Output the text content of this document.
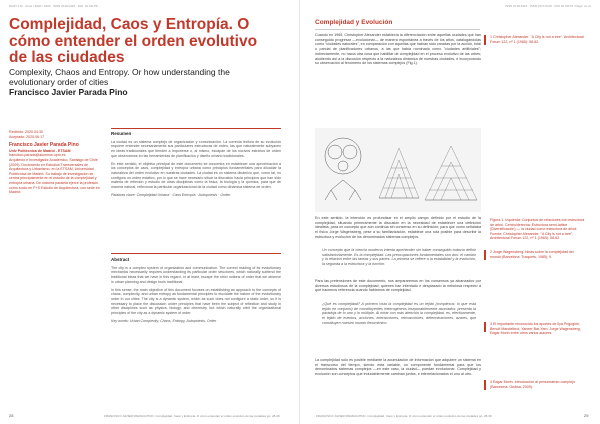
DAST 172 · Anos / 2020 / 2020 · ISSN 0719-0115 · DOI: 10.31179/...
Complejidad, Caos y Entropía. O cómo entender el orden evolutivo de las ciudades
Complexity, Chaos and Entropy. Or how understanding the evolutionary order of cities
Francisco Javier Parada Pino
Recibido: 2020.04.30
Aceptado: 2020.06.17
Francisco Javier Parada Pino
Univ Politécnica de Madrid - ETSAM
francisco.parada@alumnos.upm.es
Arquitecto e Investigador Académico, Santiago de Chile (2009). Doctorando en Estudios Transversales de Arquitectura y Urbanismo, en la ETSAM, Universidad Politécnica de Madrid. Su trabajo de investigación se centra principalmente en el estudio de la complejidad y entropía urbana. De manera paralela ejerce la profesión como socio en P+S Estudio de Arquitectura, con sede en Madrid.
Resumen

La ciudad es un sistema complejo de organización y comunicación. La correcta lectura de su evolución requiere entender necesariamente sus particulares estructuras de orden, las que naturalmente subyacen en ideas tradicionales que tienden a imponerse o, al mismo, escapan de los nocivos estrictos de orden que observamos en las herramientas de planificación y diseño urbano tradicionales.

En este sentido, el objetivo principal de este documento se concentra en establecer una aproximación a los conceptos de caos, complejidad y entropía urbana como principios fundamentales para dilucidar la naturaleza del orden evolutivo en nuestras ciudades. La ciudad es un sistema dinámico que, como tal, no configura un orden estático, por lo que se hace necesario situar la discusión hacia principios que han sido materia de reflexión y estudio de otras disciplinas como la física, la biología y la química, para que de manera natural, reflexiona la particular organizacional de la ciudad como dinámica sistema de orden.

Palabras clave: Complejidad Urbana · Caos Entropía · Autopoiesis · Orden

Abstract

The city is a complex system of organization and communication. The correct reading of its evolutionary mechanics necessarily requires understanding its particular order structures, which naturally subtend the traditional ideas that we have in this regard, or at least, escape the strict notions of order that we observe in urban planning and design tools traditional.

In this sense, the main objective of this document focuses on establishing an approach to the concepts of chaos, complexity, and urban entropy as fundamental principles to elucidate the nature of the evolutionary order in our cities. The city is a dynamic system, which as such does not configure a static order, so it is necessary to place the discussion under principles that have been the subject of reflection and study in other disciplines such as physics, biology, and chemistry, but which naturally orbit the organizational principles of the city as a dynamic system of order.

Key words: Urban Complexity, Chaos, Entropy, Autopoiesis, Order

28	FRANCISCO JAVIER PARADA PINO. Complejidad, Caos y Entropía. O cómo entender el orden evolutivo de las ciudades pp. 28-39
ISSN 0719-0115 · ISSN 0717-0115 · DOI 10.31179 / Pags. xx-xx
Complejidad y Evolución
Cuando en 1965, Christopher Alexander establecía la diferenciación entre aquellas ciudades que han conseguido progresar —evolucionar— de manera espontánea a través de los años, catalogándolas como "ciudades naturales", en comparación con aquellas que habían sido creadas por la acción, total o parcial de planificadores urbanos, a las que había nominado como "ciudades artificiales"; indirectamente, no hacía otra cosa que habilitar de complejidad en el proceso evolutivo de las urbes; aludiendo así a la discusión respecto a la naturaleza dinámica de nuestras ciudades, e incorporando su observación al fenómeno de los sistemas complejos (Fig.1).
En este sentido, la intención es profundizar en el amplio campo definido por el estudio de la complejidad, situando primeramente la discusión en la necesidad de establecer una definición idealista, para un concepto que aún continúa sin consenso en su definición; para que como señalaba el físico Jorge Wagensberg, pese a su familiarización, establece una ruta posible para describir la estructura y evolución de los denominados sistemas complejos.
Un concepto que la ciencia moderna intenta aprehender sin haber conseguido todavía definir satisfactoriamente. Es la complejidad. Las preocupaciones fundamentales son dos: el cambio y la relación entre las tareas y sus partes. La primera se refiere a la estabilidad y la evolución, la segunda a la estructura y la función.
Para las pretensiones de este documento, nos ampararemos en los consensos ya alcanzados por diversos estudiosos de la complejidad; quienes han intentado e desplazado la nebulosa respecto a qué hacemos referencia cuando hablamos de complejidad.
¿Qué es complejidad? A primera vista la complejidad es un tejido (complexus: lo que está tejido en conjunto) de constituyentes heterogéneos inseparablemente asociados: presenta la paradoja de lo uno y lo múltiple. Al mirar con más atención la complejidad, es, efectivamente, el tejido de eventos, acciones, interacciones, retroacciones, determinaciones, azares, que constituyen nuestro mundo fenoménico.
La complejidad sólo es posible mediante la acumulación de información que adquiere un sistema en el transcurso del tiempo, siendo esta variable, un componente fundamental para que los denominados sistemas complejos —en este caso, la ciudad— puedan evolucionar. Complejidad y evolución son conceptos que indudablemente caminan juntos, e interrelacionados el uno al otro.
1 Christopher Alexander. "A City is not a tree". Architectural Forum 122, nº 1 (1965): 58-62.
Figura 1. Izquierda: Conjuntos de relaciones con estructura de árbol. Centro/derecha: Estructura semi-lattice (Diversificación) — la ciudad como estructura de árbol. Fuente: Christopher Alexander. "A City is not a tree". Architectural Forum 122, nº 1 (1965): 58-62.
2 Jorge Wagensberg. Ideas sobre la complejidad del mundo (Barcelona: Tusquets, 1985), 9.
3 El importante reconocido los aportes de Ilya Prigogine, Benoît Mandelbrot, Yaneer Bar-Yam, Jorge Wagensberg, Edgar Morin entre otros varios autores.
4 Edgar Morin. Introducción al pensamiento complejo (Barcelona: Gedisa, 2009).
FRANCISCO JAVIER PARADA PINO. Complejidad, Caos y Entropía. O cómo entender el orden evolutivo de las ciudades pp. 28-39	29
